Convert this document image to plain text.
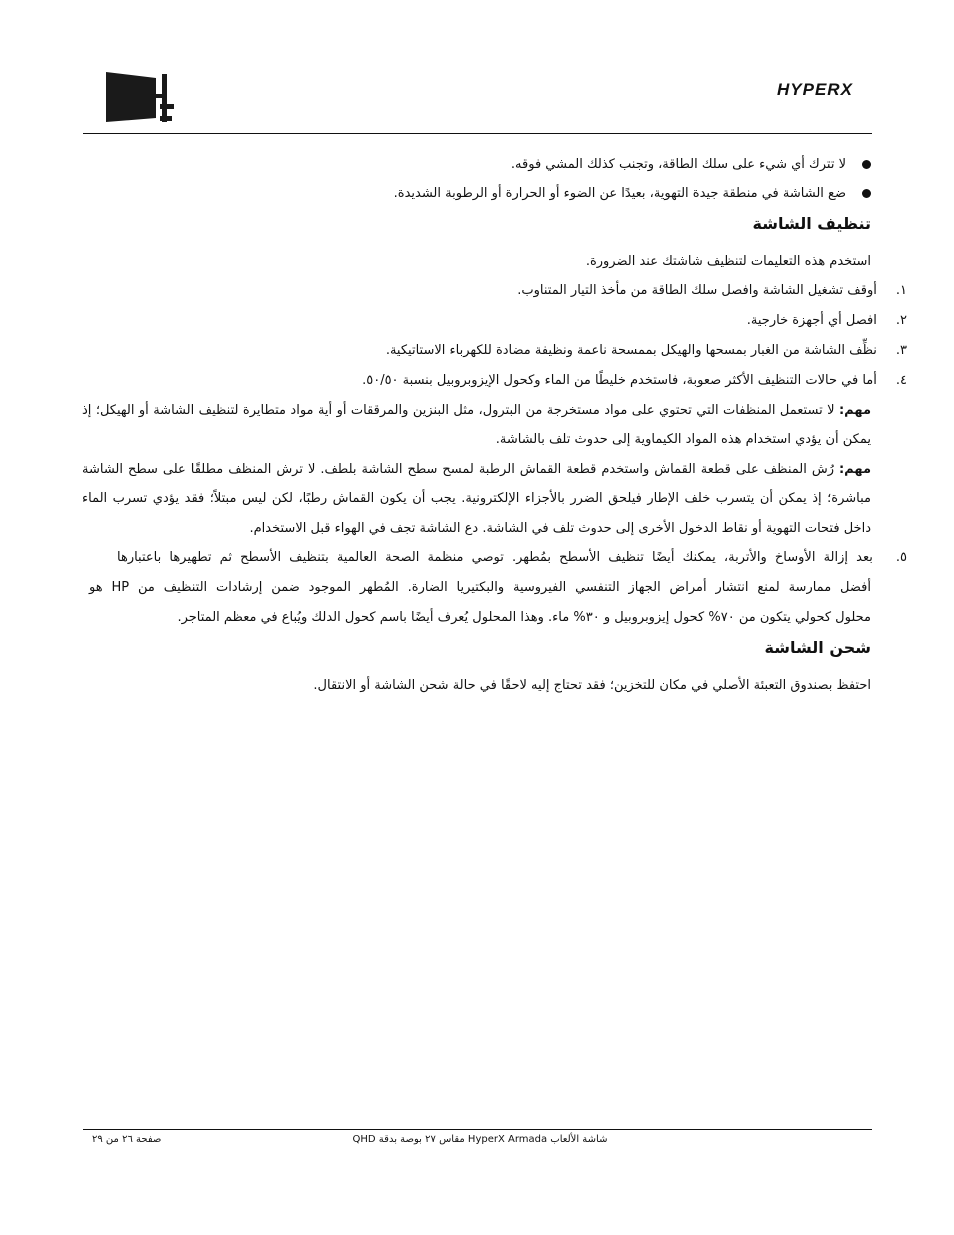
HYPERX
لا تترك أي شيء على سلك الطاقة، وتجنب كذلك المشي فوقه.
ضع الشاشة في منطقة جيدة التهوية، بعيدًا عن الضوء أو الحرارة أو الرطوبة الشديدة.
تنظيف الشاشة
استخدم هذه التعليمات لتنظيف شاشتك عند الضرورة.
١. أوقف تشغيل الشاشة وافصل سلك الطاقة من مأخذ التيار المتناوب.
٢. افصل أي أجهزة خارجية.
٣. نظِّف الشاشة من الغبار بمسحها والهيكل بممسحة ناعمة ونظيفة مضادة للكهرباء الاستاتيكية.
٤. أما في حالات التنظيف الأكثر صعوبة، فاستخدم خليطًا من الماء وكحول الإيزوبروبيل بنسبة ٥٠/٥٠.
مهم: لا تستعمل المنظفات التي تحتوي على مواد مستخرجة من البترول، مثل البنزين والمرققات أو أية مواد متطايرة لتنظيف الشاشة أو الهيكل؛ إذ
يمكن أن يؤدي استخدام هذه المواد الكيماوية إلى حدوث تلف بالشاشة.
مهم: رُش المنظف على قطعة القماش واستخدم قطعة القماش الرطبة لمسح سطح الشاشة بلطف. لا ترش المنظف مطلقًا على سطح الشاشة
مباشرة؛ إذ يمكن أن يتسرب خلف الإطار فيلحق الضرر بالأجزاء الإلكترونية. يجب أن يكون القماش رطبًا، لكن ليس مبتلاً؛ فقد يؤدي تسرب الماء
داخل فتحات التهوية أو نقاط الدخول الأخرى إلى حدوث تلف في الشاشة. دع الشاشة تجف في الهواء قبل الاستخدام.
٥. بعد إزالة الأوساخ والأتربة، يمكنك أيضًا تنظيف الأسطح بمُطهر. توصي منظمة الصحة العالمية بتنظيف الأسطح ثم تطهيرها باعتبارها
أفضل ممارسة لمنع انتشار أمراض الجهاز التنفسي الفيروسية والبكتيريا الضارة. المُطهر الموجود ضمن إرشادات التنظيف من HP هو
محلول كحولي يتكون من ٧٠% كحول إيزوبروبيل و ٣٠% ماء. وهذا المحلول يُعرف أيضًا باسم كحول الدلك ويُباع في معظم المتاجر.
شحن الشاشة
احتفظ بصندوق التعبئة الأصلي في مكان للتخزين؛ فقد تحتاج إليه لاحقًا في حالة شحن الشاشة أو الانتقال.
صفحة ٢٦ من ٢٩	شاشة الألعاب HyperX Armada مقاس ٢٧ بوصة بدقة QHD
